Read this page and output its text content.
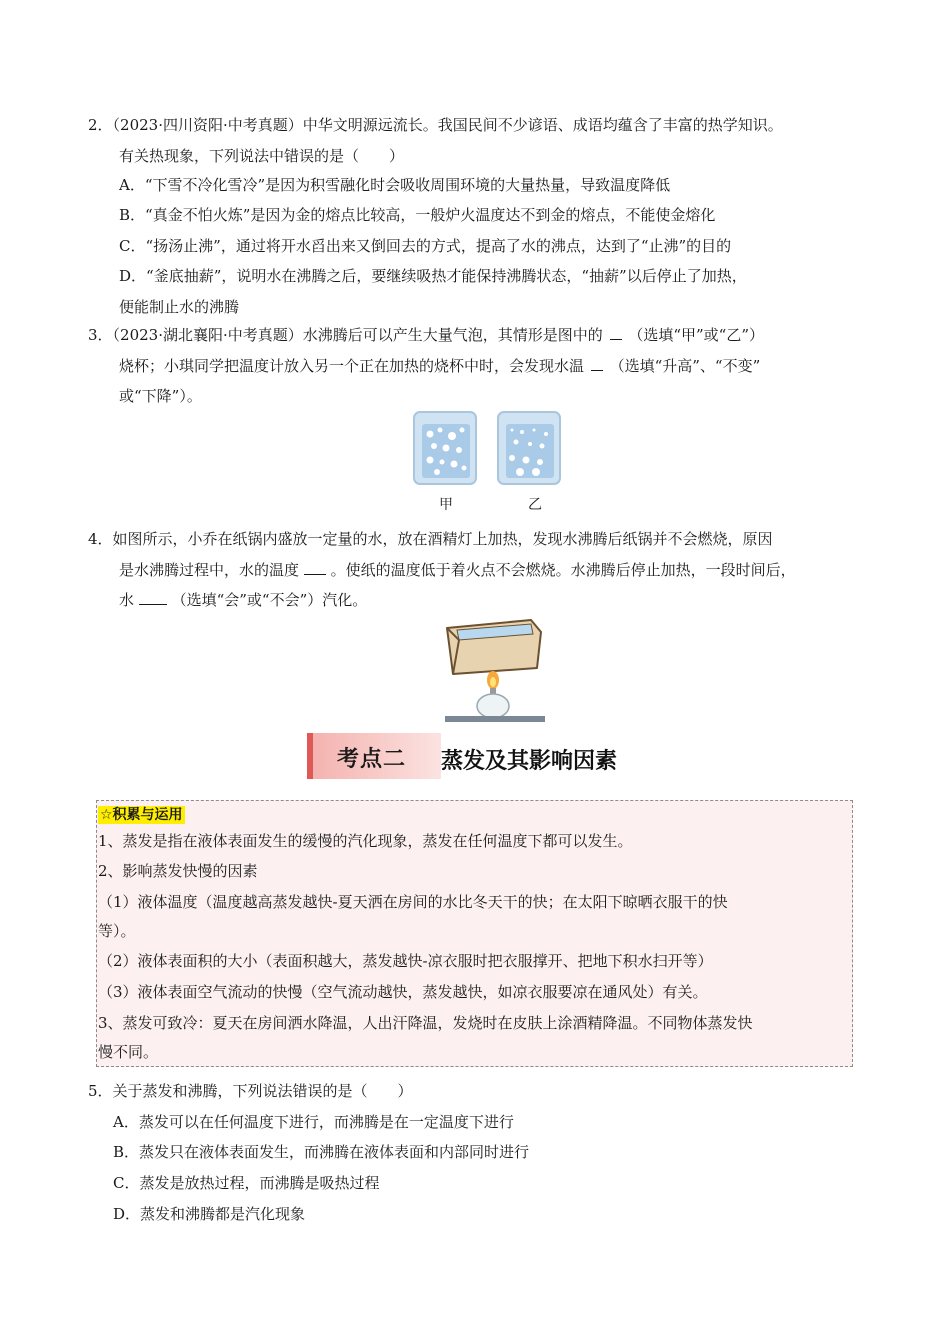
2．（2023·四川资阳·中考真题）中华文明源远流长。我国民间不少谚语、成语均蕴含了丰富的热学知识。
有关热现象，下列说法中错误的是（　　）
A．“下雪不冷化雪冷”是因为积雪融化时会吸收周围环境的大量热量，导致温度降低
B．“真金不怕火炼”是因为金的熔点比较高，一般炉火温度达不到金的熔点，不能使金熔化
C．“扬汤止沸”，通过将开水舀出来又倒回去的方式，提高了水的沸点，达到了“止沸”的目的
D．“釜底抽薪”，说明水在沸腾之后，要继续吸热才能保持沸腾状态，“抽薪”以后停止了加热，
便能制止水的沸腾
3．（2023·湖北襄阳·中考真题）水沸腾后可以产生大量气泡，其情形是图中的 （选填“甲”或“乙”）
烧杯；小琪同学把温度计放入另一个正在加热的烧杯中时，会发现水温 （选填“升高”、“不变”
或“下降”）。
甲	乙
4．如图所示，小乔在纸锅内盛放一定量的水，放在酒精灯上加热，发现水沸腾后纸锅并不会燃烧，原因
是水沸腾过程中，水的温度 。使纸的温度低于着火点不会燃烧。水沸腾后停止加热，一段时间后，
水	（选填“会”或“不会”）汽化。
考点二 蒸发及其影响因素
☆积累与运用
1、蒸发是指在液体表面发生的缓慢的汽化现象，蒸发在任何温度下都可以发生。
2、影响蒸发快慢的因素
（1）液体温度（温度越高蒸发越快-夏天洒在房间的水比冬天干的快；在太阳下晾晒衣服干的快
等）。
（2）液体表面积的大小（表面积越大，蒸发越快-凉衣服时把衣服撑开、把地下积水扫开等）
（3）液体表面空气流动的快慢（空气流动越快，蒸发越快，如凉衣服要凉在通风处）有关。
3、蒸发可致冷：夏天在房间洒水降温，人出汗降温，发烧时在皮肤上涂酒精降温。不同物体蒸发快
慢不同。
5．关于蒸发和沸腾，下列说法错误的是（　　）
A．蒸发可以在任何温度下进行，而沸腾是在一定温度下进行
B．蒸发只在液体表面发生，而沸腾在液体表面和内部同时进行
C．蒸发是放热过程，而沸腾是吸热过程
D．蒸发和沸腾都是汽化现象
